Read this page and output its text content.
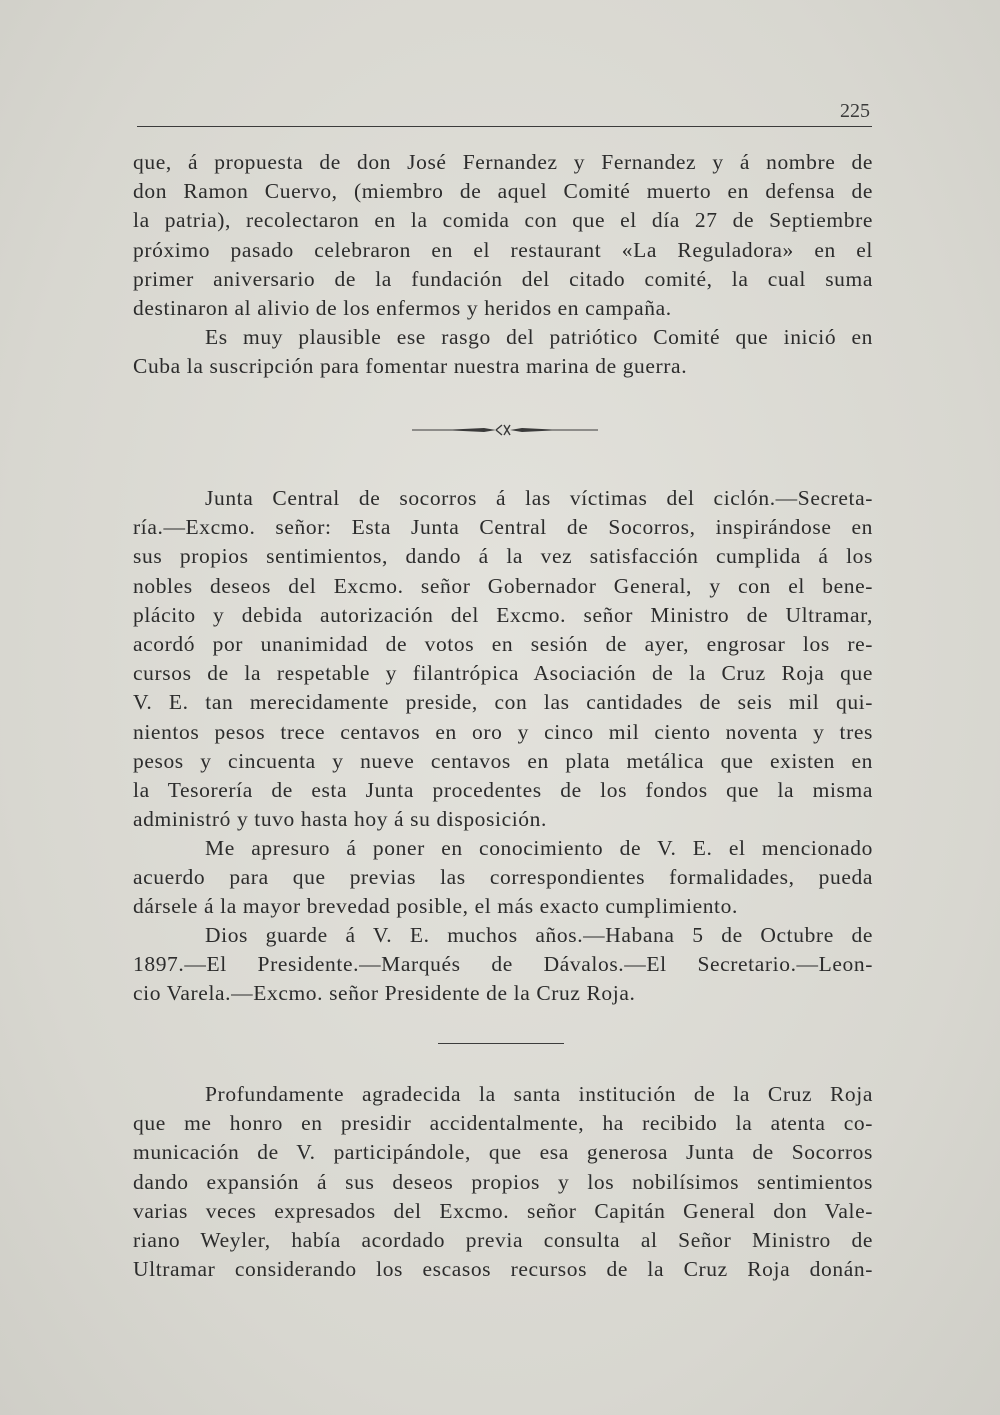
225

que, á propuesta de don José Fernandez y Fernandez y á nombre de
don Ramon Cuervo, (miembro de aquel Comité muerto en defensa de
la patria), recolectaron en la comida con que el día 27 de Septiembre
próximo pasado celebraron en el restaurant «La Reguladora» en el
primer aniversario de la fundación del citado comité, la cual suma
destinaron al alivio de los enfermos y heridos en campaña.

Es muy plausible ese rasgo del patriótico Comité que inició en
Cuba la suscripción para fomentar nuestra marina de guerra.

Junta Central de socorros á las víctimas del ciclón.—Secreta-
ría.—Excmo. señor: Esta Junta Central de Socorros, inspirándose en
sus propios sentimientos, dando á la vez satisfacción cumplida á los
nobles deseos del Excmo. señor Gobernador General, y con el bene-
plácito y debida autorización del Excmo. señor Ministro de Ultramar,
acordó por unanimidad de votos en sesión de ayer, engrosar los re-
cursos de la respetable y filantrópica Asociación de la Cruz Roja que
V. E. tan merecidamente preside, con las cantidades de seis mil qui-
nientos pesos trece centavos en oro y cinco mil ciento noventa y tres
pesos y cincuenta y nueve centavos en plata metálica que existen en
la Tesorería de esta Junta procedentes de los fondos que la misma
administró y tuvo hasta hoy á su disposición.

Me apresuro á poner en conocimiento de V. E. el mencionado
acuerdo para que previas las correspondientes formalidades, pueda
dársele á la mayor brevedad posible, el más exacto cumplimiento.

Dios guarde á V. E. muchos años.—Habana 5 de Octubre de
1897.—El Presidente.—Marqués de Dávalos.—El Secretario.—Leon-
cio Varela.—Excmo. señor Presidente de la Cruz Roja.

Profundamente agradecida la santa institución de la Cruz Roja
que me honro en presidir accidentalmente, ha recibido la atenta co-
municación de V. participándole, que esa generosa Junta de Socorros
dando expansión á sus deseos propios y los nobilísimos sentimientos
varias veces expresados del Excmo. señor Capitán General don Vale-
riano Weyler, había acordado previa consulta al Señor Ministro de
Ultramar considerando los escasos recursos de la Cruz Roja donán-
